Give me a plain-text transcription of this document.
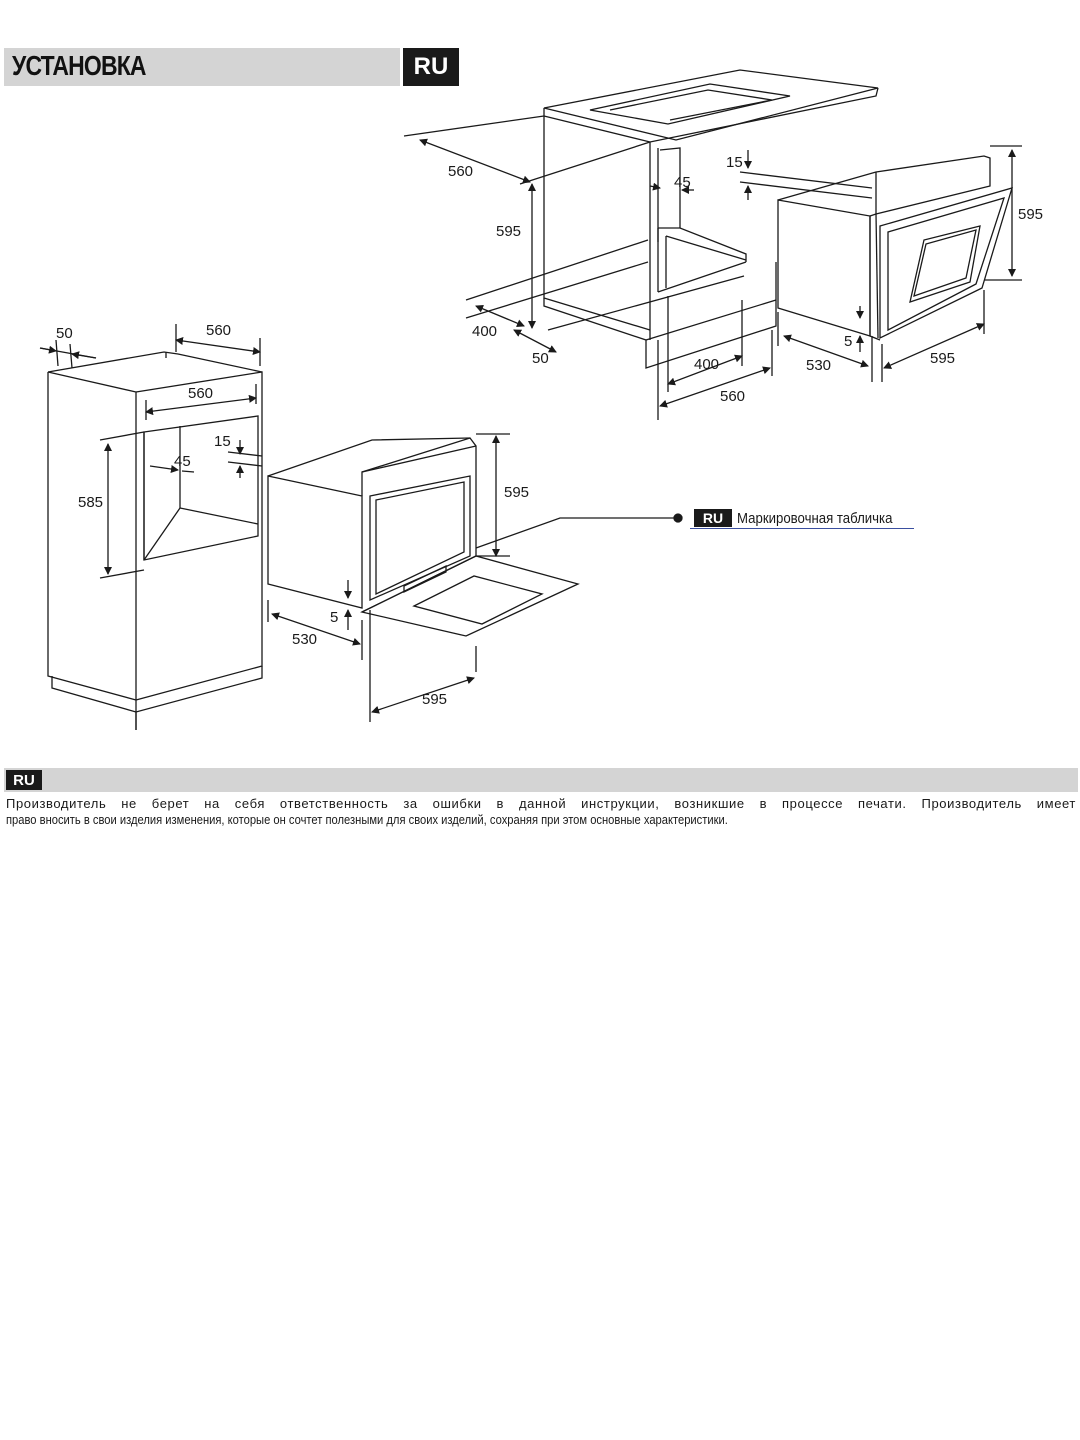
УСТАНОВКА	RU
50	560
560
585
15
45
595
530
5
595
560
595
15
45
400
50	400
560
595
5
530	595
RU Маркировочная табличка
RU
Производитель не берет на себя ответственность за ошибки в данной инструкции, возникшие в процессе печати. Производитель имеет
право вносить в свои изделия изменения, которые он сочтет полезными для своих изделий, сохраняя при этом основные характеристики.
